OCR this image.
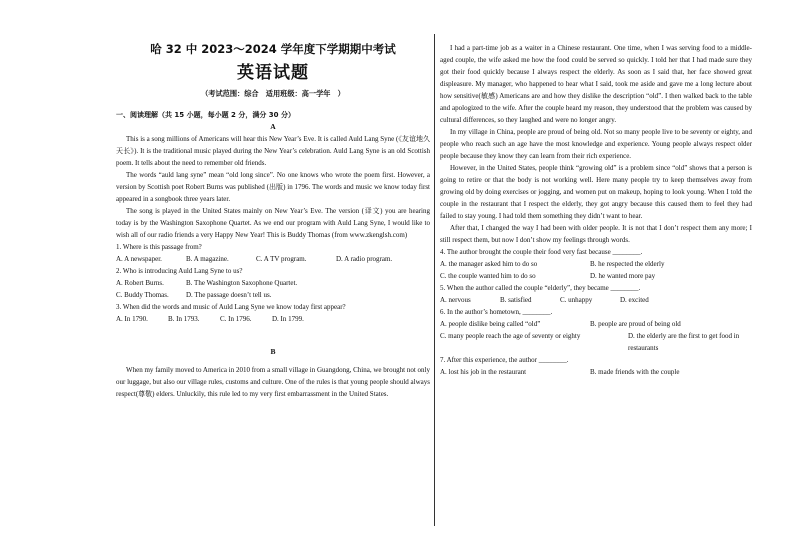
哈 32 中 2023～2024 学年度下学期期中考试
英语试题
（考试范围：综合　适用班级：高一学年　）
一、阅读理解（共 15 小题，每小题 2 分，满分 30 分）
A

This is a song millions of Americans will hear this New Year’s Eve. It is called Auld Lang Syne (《友谊地久天长》). It is the traditional music played during the New Year’s celebration. Auld Lang Syne is an old Scottish poem. It tells about the need to remember old friends.

The words “auld lang syne” mean “old long since”. No one knows who wrote the poem first. However, a version by Scottish poet Robert Burns was published (出版) in 1796. The words and music we know today first appeared in a songbook three years later.

The song is played in the United States mainly on New Year’s Eve. The version (译文) you are hearing today is by the Washington Saxophone Quartet. As we end our program with Auld Lang Syne, I would like to wish all of our radio friends a very Happy New Year! This is Buddy Thomas (from www.zkenglsh.com)

1. Where is this passage from?
A. A newspaper.	B. A magazine.	C. A TV program.	D. A radio program.
2. Who is introducing Auld Lang Syne to us?
A. Robert Burns.	B. The Washington Saxophone Quartet.
C. Buddy Thomas.	D. The passage doesn’t tell us.
3. When did the words and music of Auld Lang Syne we know today first appear?
A. In 1790.	B. In 1793.	C. In 1796.	D. In 1799.
B

When my family moved to America in 2010 from a small village in Guangdong, China, we brought not only our luggage, but also our village rules, customs and culture. One of the rules is that young people should always respect(尊敬) elders. Unluckily, this rule led to my very first embarrassment in the United States.

I had a part-time job as a waiter in a Chinese restaurant. One time, when I was serving food to a middle-aged couple, the wife asked me how the food could be served so quickly. I told her that I had made sure they got their food quickly because I always respect the elderly. As soon as I said that, her face showed great displeasure. My manager, who happened to hear what I said, took me aside and gave me a long lecture about how sensitive(敏感) Americans are and how they dislike the description “old”. I then walked back to the table and apologized to the wife. After the couple heard my reason, they understood that the problem was caused by cultural differences, so they laughed and were no longer angry.

In my village in China, people are proud of being old. Not so many people live to be seventy or eighty, and people who reach such an age have the most knowledge and experience. Young people always respect older people because they know they can learn from their rich experience.

However, in the United States, people think “growing old” is a problem since “old” shows that a person is going to retire or that the body is not working well. Here many people try to keep themselves away from growing old by doing exercises or jogging, and women put on makeup, hoping to look young. When I told the couple in the restaurant that I respect the elderly, they got angry because this caused them to feel they had failed to stay young. I had told them something they didn’t want to hear.

After that, I changed the way I had been with older people. It is not that I don’t respect them any more; I still respect them, but now I don’t show my feelings through words.

4. The author brought the couple their food very fast because ________.
A. the manager asked him to do so	B. he respected the elderly
C. the couple wanted him to do so	D. he wanted more pay
5. When the author called the couple “elderly”, they became ________.
A. nervous	B. satisfied	C. unhappy	D. excited
6. In the author’s hometown, ________.
A. people dislike being called “old”	B. people are proud of being old
C. many people reach the age of seventy or eighty	D. the elderly are the first to get food in restaurants
7. After this experience, the author ________.
A. lost his job in the restaurant	B. made friends with the couple
